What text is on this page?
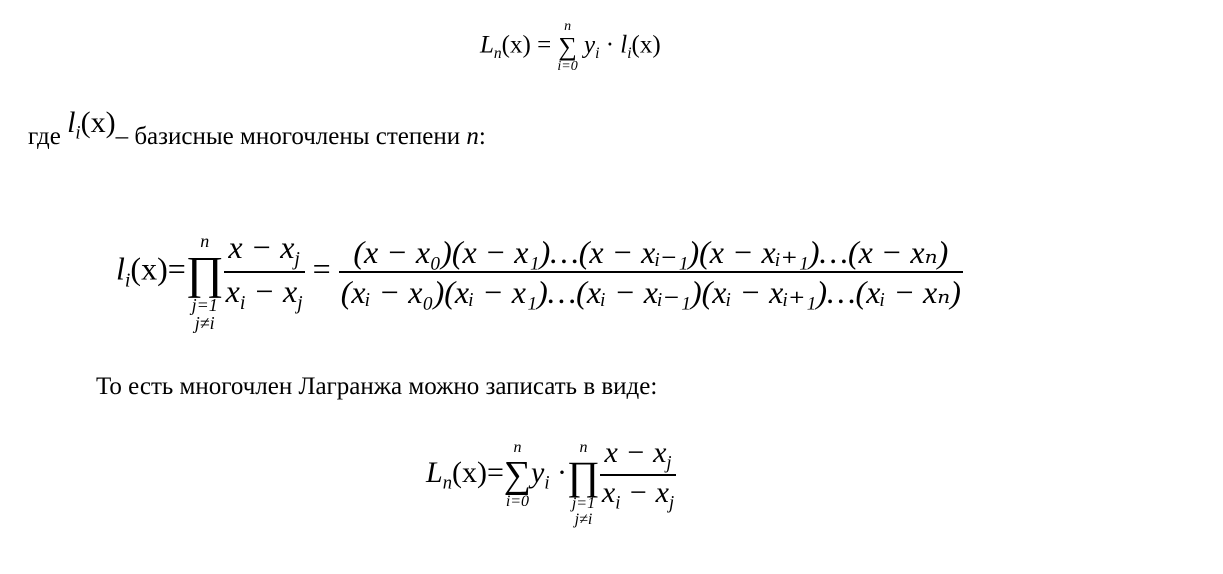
$L_n(x)$ =
n
∑
i=0
$y_i \cdot l_i(x)$
где $l_i(x)-$ базисные многочлены степени n:
$l_i(x)=$
n
∏
j=1
j≠i
$\frac{x - x_j}{x_i - x_j} = \frac{\text{(x − x₀)(x − x₁)…(x − xᵢ₋₁)(x − xᵢ₊₁)…(x − xₙ)}}{\text{(xᵢ − x₀)(xᵢ − x₁)…(xᵢ − xᵢ₋₁)(xᵢ − xᵢ₊₁)…(xᵢ − xₙ)}}$
То есть многочлен Лагранжа можно записать в виде:
$L_n(x)=$
n
∑
i=0
$y_i$ ·
n
∏
j=1
j≠i
$\frac{x - x_j}{x_i - x_j}$
